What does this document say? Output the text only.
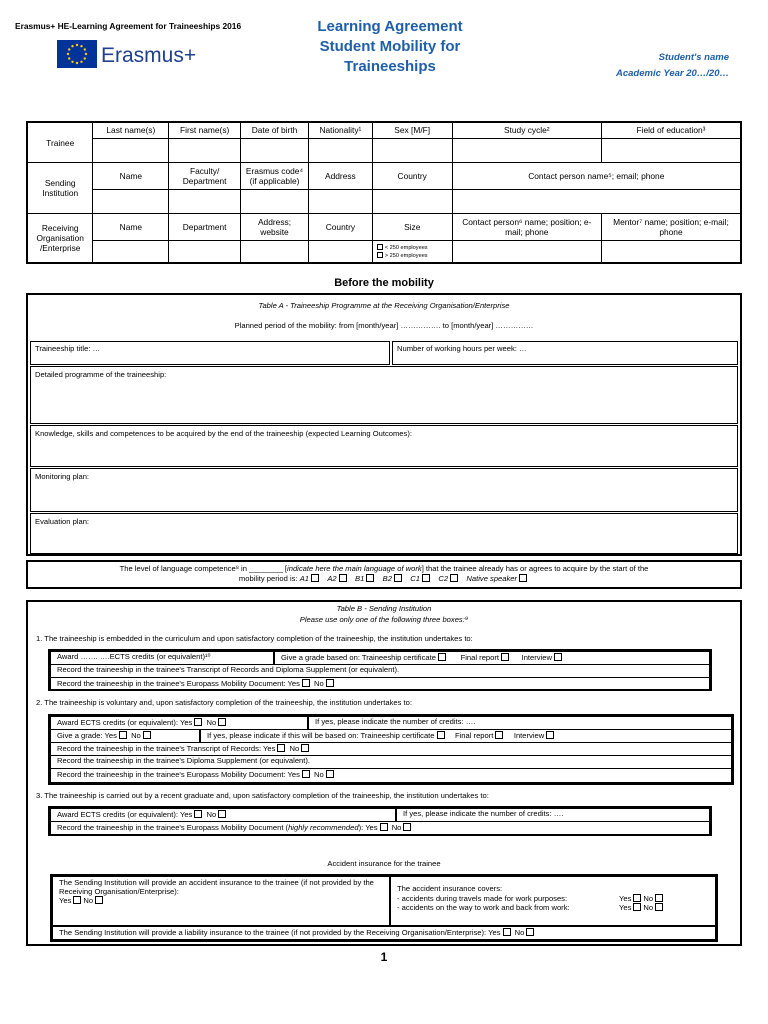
Erasmus+ HE-Learning Agreement for Traineeships 2016
Erasmus+
Learning Agreement
Student Mobility for
Traineeships
Student's name
Academic Year 20…/20…
Trainee	Last name(s)	First name(s)	Date of birth	Nationality¹	Sex [M/F]	Study cycle²	Field of education³

Sending Institution	Name	Faculty/ Department	Erasmus code⁴ (if applicable)	Address	Country	Contact person name⁵; email; phone	

Receiving Organisation /Enterprise	Name	Department	Address; website	Country	Size	Contact person⁶ name; position; e-mail; phone	Mentor⁷ name; position; e-mail; phone

					< 250 employees
> 250 employees		

Before the mobility
Table A - Traineeship Programme at the Receiving Organisation/Enterprise
Planned period of the mobility: from [month/year] ……………. to [month/year] ……………
Traineeship title: …	Number of working hours per week: …
Detailed programme of the traineeship:
Knowledge, skills and competences to be acquired by the end of the traineeship (expected Learning Outcomes):
Monitoring plan:
Evaluation plan:
The level of language competence⁸ in ________ [indicate here the main language of work] that the trainee already has or agrees to acquire by the start of the
mobility period is: A1 A2 B1 B2 C1 C2 Native speaker
Table B - Sending Institution
Please use only one of the following three boxes:⁹
1. The traineeship is embedded in the curriculum and upon satisfactory completion of the traineeship, the institution undertakes to:
Award ……. ….ECTS credits (or equivalent)¹⁰	Give a grade based on: Traineeship certificate	Final report	Interview
Record the traineeship in the trainee's Transcript of Records and Diploma Supplement (or equivalent).
Record the traineeship in the trainee's Europass Mobility Document: Yes No
2. The traineeship is voluntary and, upon satisfactory completion of the traineeship, the institution undertakes to:
Award ECTS credits (or equivalent): Yes No	If yes, please indicate the number of credits: ….
Give a grade: Yes No	If yes, please indicate if this will be based on: Traineeship certificate	Final report	Interview
Record the traineeship in the trainee's Transcript of Records: Yes No
Record the traineeship in the trainee's Diploma Supplement (or equivalent).
Record the traineeship in the trainee's Europass Mobility Document: Yes No
3. The traineeship is carried out by a recent graduate and, upon satisfactory completion of the traineeship, the institution undertakes to:
Award ECTS credits (or equivalent): Yes No	If yes, please indicate the number of credits: ….
Record the traineeship in the trainee's Europass Mobility Document (highly recommended): Yes No
Accident insurance for the trainee
The Sending Institution will provide an accident insurance to the trainee (if not provided by the Receiving Organisation/Enterprise):
Yes No
The accident insurance covers:
- accidents during travels made for work purposes:	Yes No
- accidents on the way to work and back from work:	Yes No
The Sending Institution will provide a liability insurance to the trainee (if not provided by the Receiving Organisation/Enterprise): Yes No
1
